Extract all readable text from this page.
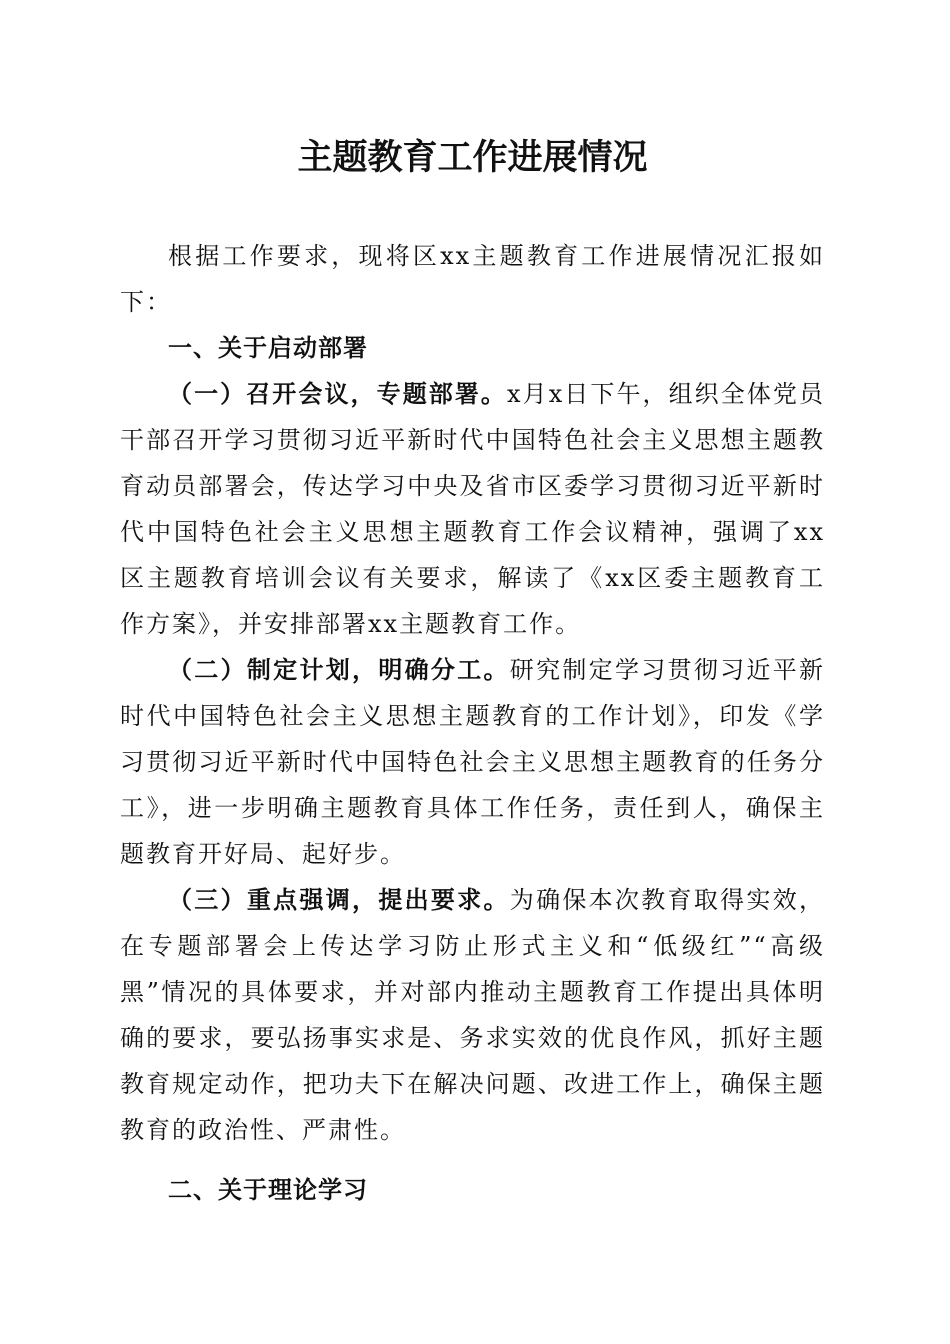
主题教育工作进展情况

根据工作要求，现将区xx主题教育工作进展情况汇报如下：

一、关于启动部署

（一）召开会议，专题部署。x月x日下午，组织全体党员干部召开学习贯彻习近平新时代中国特色社会主义思想主题教育动员部署会，传达学习中央及省市区委学习贯彻习近平新时代中国特色社会主义思想主题教育工作会议精神，强调了xx区主题教育培训会议有关要求，解读了《xx区委主题教育工作方案》，并安排部署xx主题教育工作。

（二）制定计划，明确分工。研究制定学习贯彻习近平新时代中国特色社会主义思想主题教育的工作计划》，印发《学习贯彻习近平新时代中国特色社会主义思想主题教育的任务分工》，进一步明确主题教育具体工作任务，责任到人，确保主题教育开好局、起好步。

（三）重点强调，提出要求。为确保本次教育取得实效，在专题部署会上传达学习防止形式主义和“低级红”“高级黑”情况的具体要求，并对部内推动主题教育工作提出具体明确的要求，要弘扬事实求是、务求实效的优良作风，抓好主题教育规定动作，把功夫下在解决问题、改进工作上，确保主题教育的政治性、严肃性。

二、关于理论学习
